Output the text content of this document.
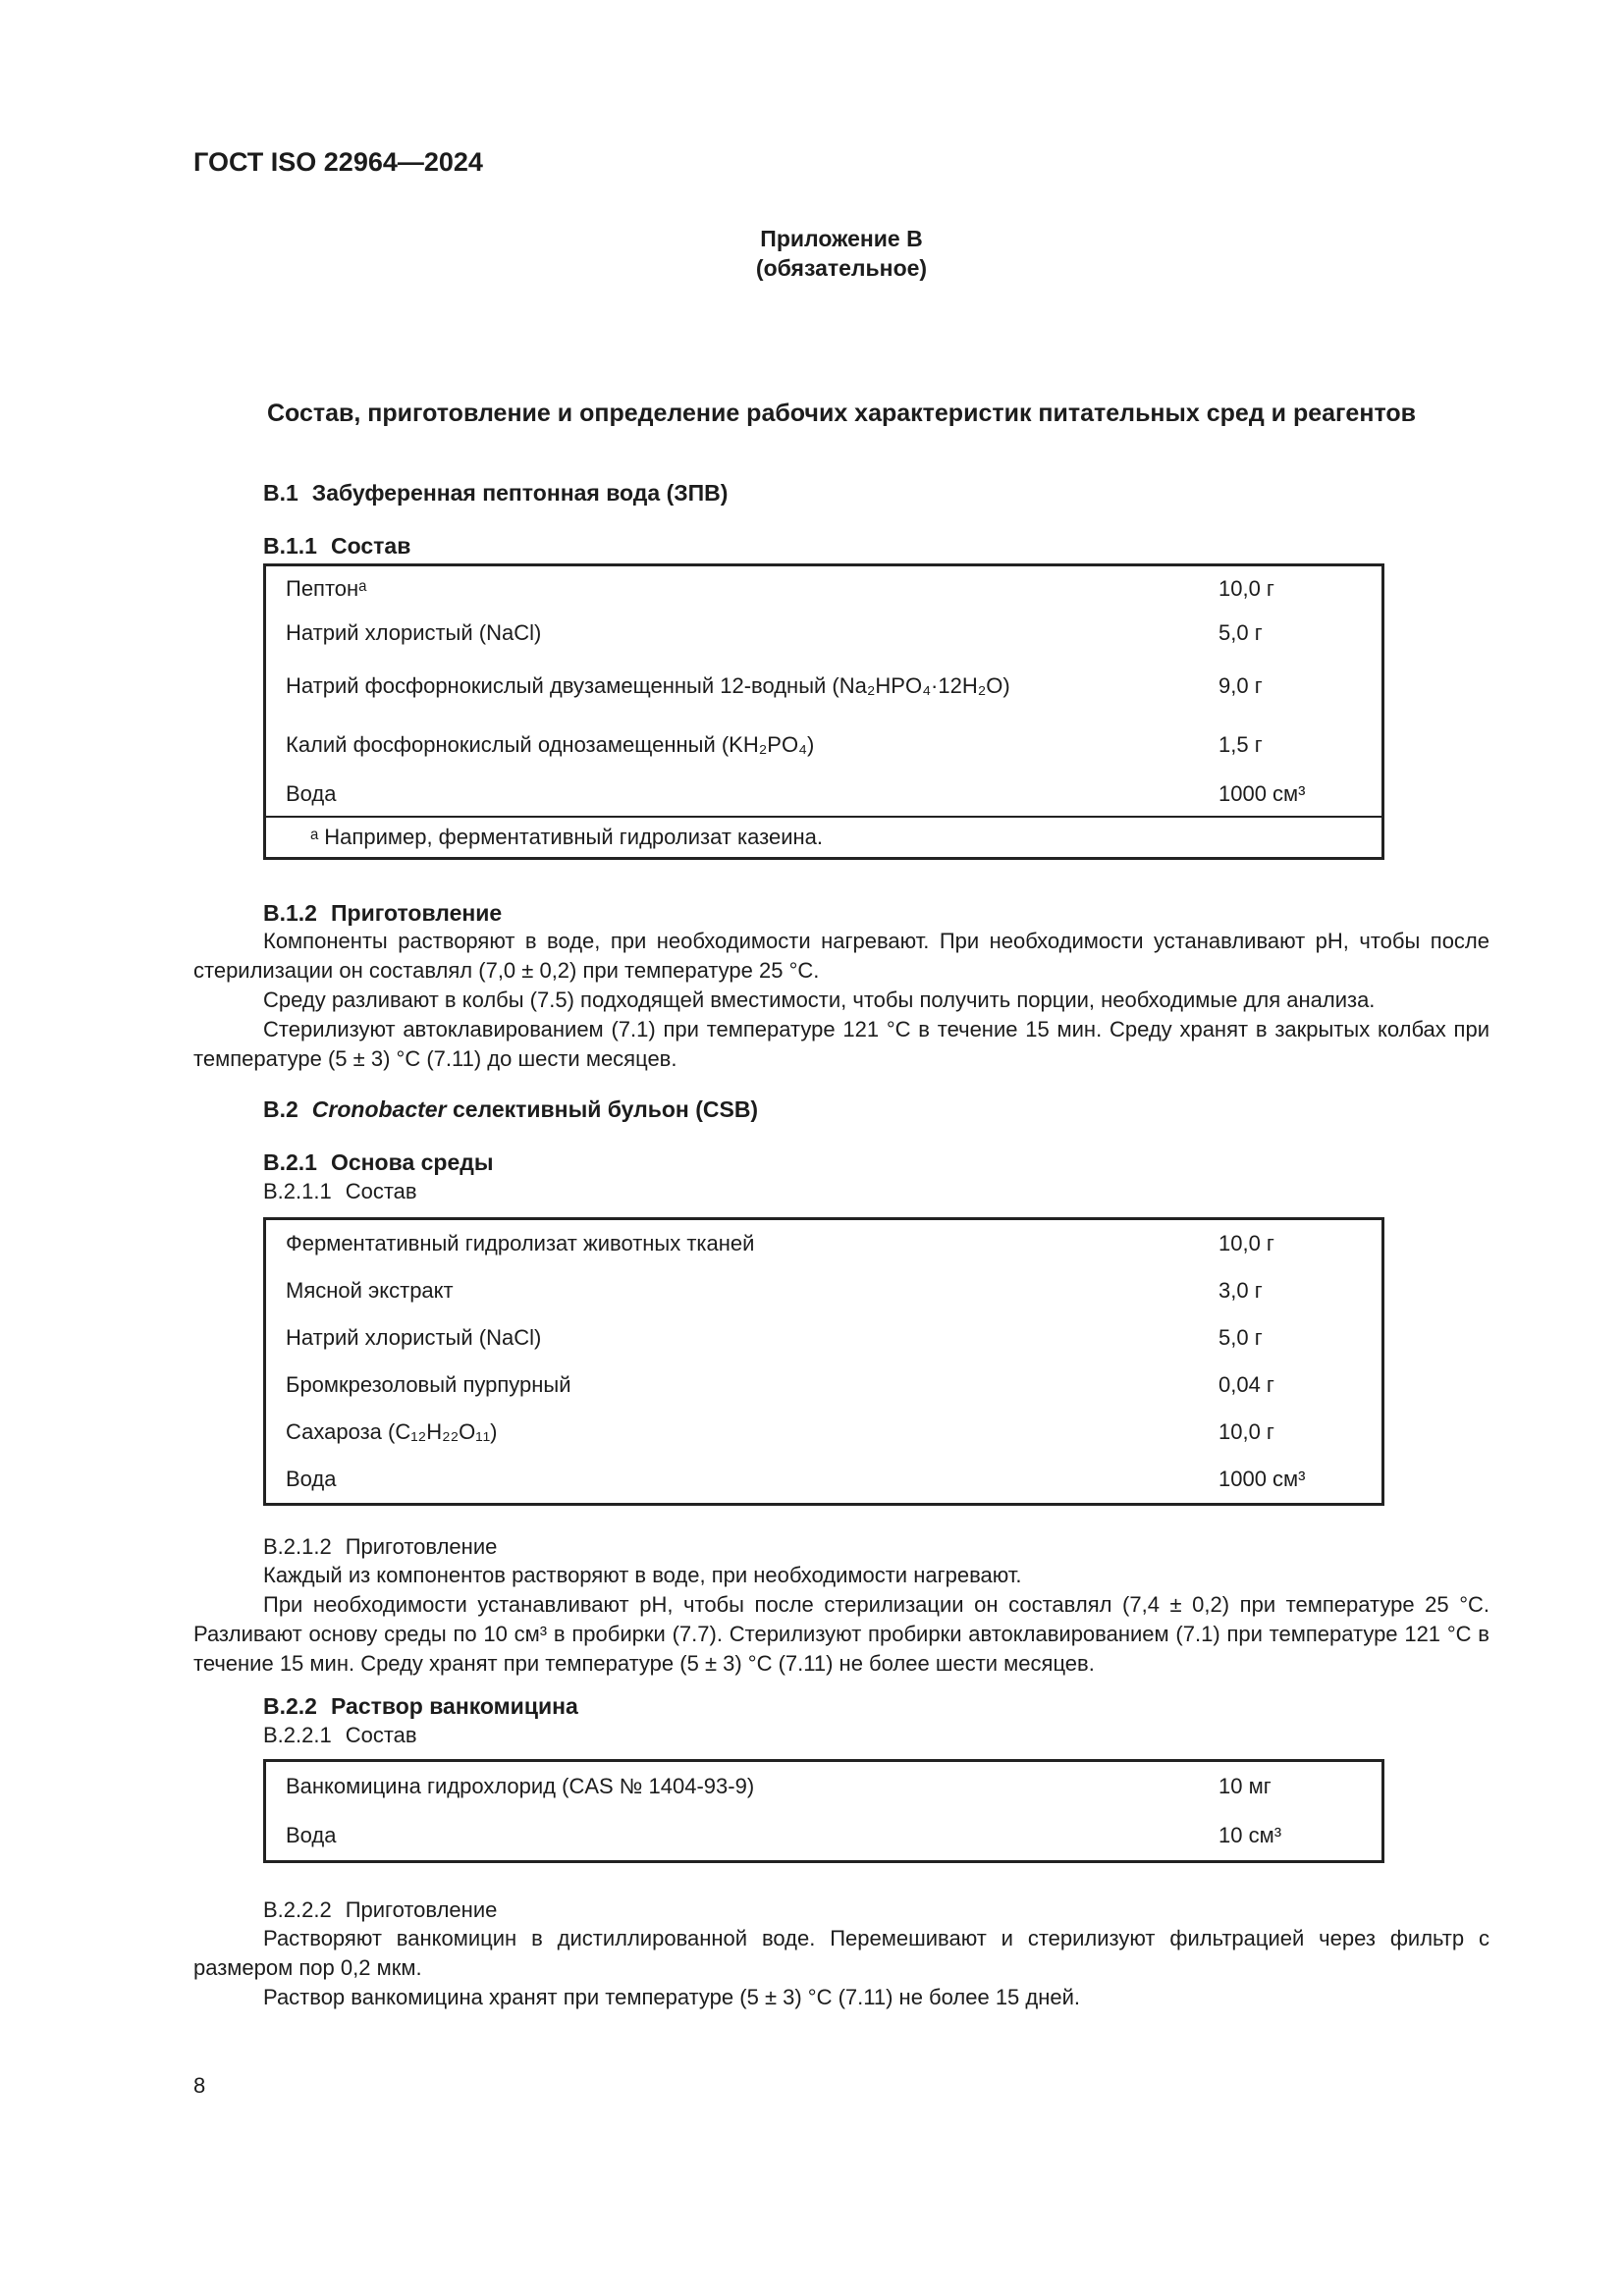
ГОСТ ISO 22964—2024
Приложение В
(обязательное)
Состав, приготовление и определение рабочих характеристик питательных сред и реагентов
В.1 Забуференная пептонная вода (ЗПВ)
В.1.1 Состав
Пептонᵃ	10,0 г
Натрий хлористый (NaCl)	5,0 г
Натрий фосфорнокислый двузамещенный 12-водный (Na₂HPO₄·12H₂O)	9,0 г
Калий фосфорнокислый однозамещенный (KH₂PO₄)	1,5 г
Вода	1000 см³
ᵃ Например, ферментативный гидролизат казеина.
В.1.2 Приготовление

Компоненты растворяют в воде, при необходимости нагревают. При необходимости устанавливают pH, чтобы после стерилизации он составлял (7,0 ± 0,2) при температуре 25 °C.

Среду разливают в колбы (7.5) подходящей вместимости, чтобы получить порции, необходимые для анализа.

Стерилизуют автоклавированием (7.1) при температуре 121 °C в течение 15 мин. Среду хранят в закрытых колбах при температуре (5 ± 3) °C (7.11) до шести месяцев.

В.2 Cronobacter селективный бульон (CSB)
В.2.1 Основа среды
В.2.1.1 Состав
Ферментативный гидролизат животных тканей	10,0 г
Мясной экстракт	3,0 г
Натрий хлористый (NaCl)	5,0 г
Бромкрезоловый пурпурный	0,04 г
Сахароза (C₁₂H₂₂O₁₁)	10,0 г
Вода	1000 см³
В.2.1.2 Приготовление

Каждый из компонентов растворяют в воде, при необходимости нагревают.

При необходимости устанавливают pH, чтобы после стерилизации он составлял (7,4 ± 0,2) при температуре 25 °C. Разливают основу среды по 10 см³ в пробирки (7.7). Стерилизуют пробирки автоклавированием (7.1) при температуре 121 °C в течение 15 мин. Среду хранят при температуре (5 ± 3) °C (7.11) не более шести месяцев.

В.2.2 Раствор ванкомицина
В.2.2.1 Состав
Ванкомицина гидрохлорид (CAS № 1404-93-9)	10 мг
Вода	10 см³
В.2.2.2 Приготовление

Растворяют ванкомицин в дистиллированной воде. Перемешивают и стерилизуют фильтрацией через фильтр с размером пор 0,2 мкм.

Раствор ванкомицина хранят при температуре (5 ± 3) °C (7.11) не более 15 дней.

8
